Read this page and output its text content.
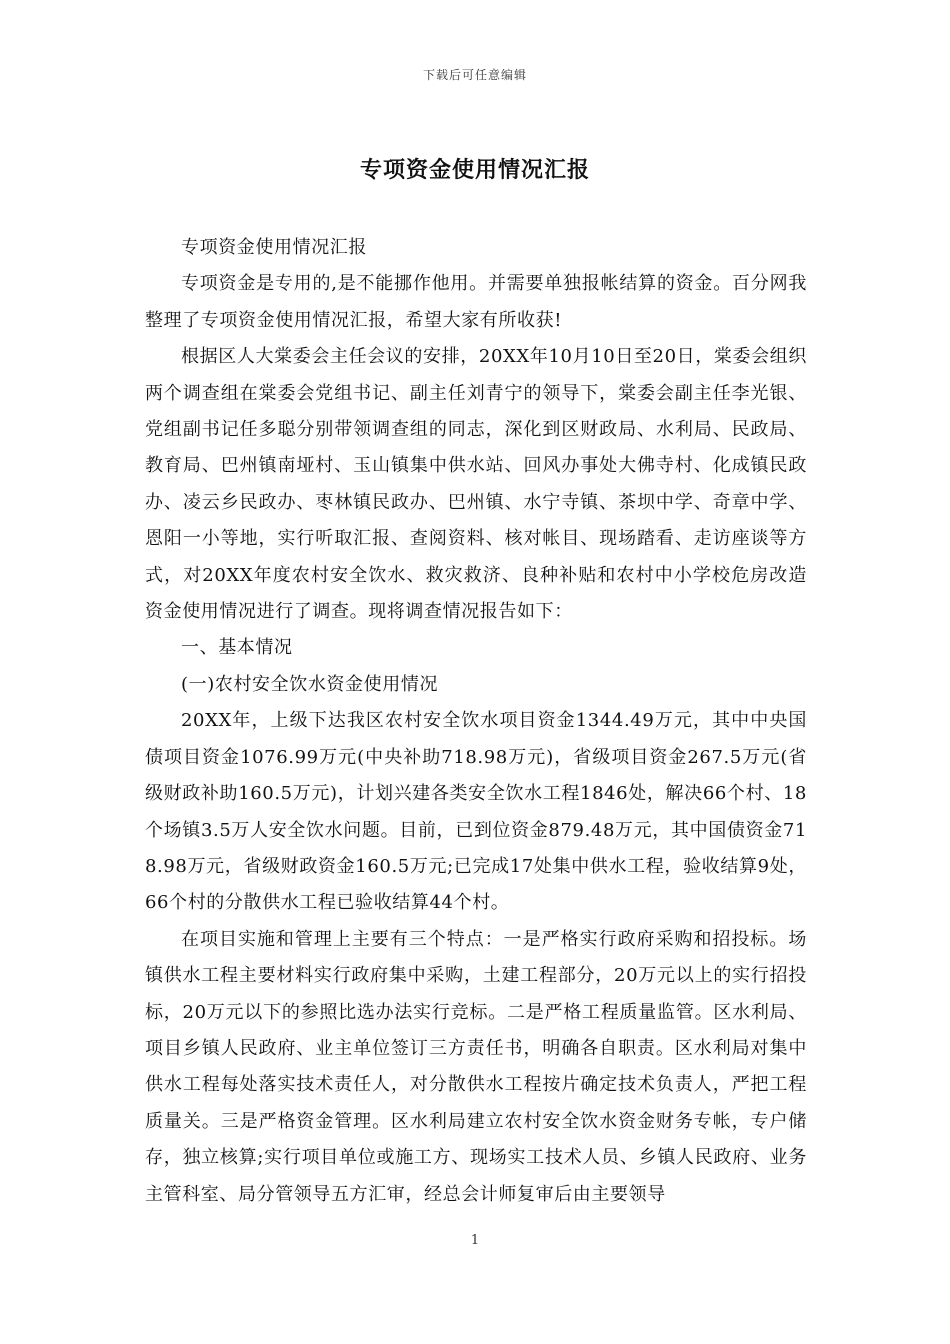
下载后可任意编辑
专项资金使用情况汇报

专项资金使用情况汇报

专项资金是专用的,是不能挪作他用。并需要单独报帐结算的资金。百分网我整理了专项资金使用情况汇报，希望大家有所收获!

根据区人大棠委会主任会议的安排，20XX年10月10日至20日，棠委会组织两个调查组在棠委会党组书记、副主任刘青宁的领导下，棠委会副主任李光银、党组副书记任多聪分别带领调查组的同志，深化到区财政局、水利局、民政局、教育局、巴州镇南垭村、玉山镇集中供水站、回风办事处大佛寺村、化成镇民政办、凌云乡民政办、枣林镇民政办、巴州镇、水宁寺镇、茶坝中学、奇章中学、恩阳一小等地，实行听取汇报、查阅资料、核对帐目、现场踏看、走访座谈等方式，对20XX年度农村安全饮水、救灾救济、良种补贴和农村中小学校危房改造资金使用情况进行了调查。现将调查情况报告如下：

一、基本情况

(一)农村安全饮水资金使用情况

20XX年，上级下达我区农村安全饮水项目资金1344.49万元，其中中央国债项目资金1076.99万元(中央补助718.98万元)，省级项目资金267.5万元(省级财政补助160.5万元)，计划兴建各类安全饮水工程1846处，解决66个村、18个场镇3.5万人安全饮水问题。目前，已到位资金879.48万元，其中国债资金718.98万元，省级财政资金160.5万元;已完成17处集中供水工程，验收结算9处，66个村的分散供水工程已验收结算44个村。

在项目实施和管理上主要有三个特点：一是严格实行政府采购和招投标。场镇供水工程主要材料实行政府集中采购，土建工程部分，20万元以上的实行招投标，20万元以下的参照比选办法实行竞标。二是严格工程质量监管。区水利局、项目乡镇人民政府、业主单位签订三方责任书，明确各自职责。区水利局对集中供水工程每处落实技术责任人，对分散供水工程按片确定技术负责人，严把工程质量关。三是严格资金管理。区水利局建立农村安全饮水资金财务专帐，专户储存，独立核算;实行项目单位或施工方、现场实工技术人员、乡镇人民政府、业务主管科室、局分管领导五方汇审，经总会计师复审后由主要领导

1
